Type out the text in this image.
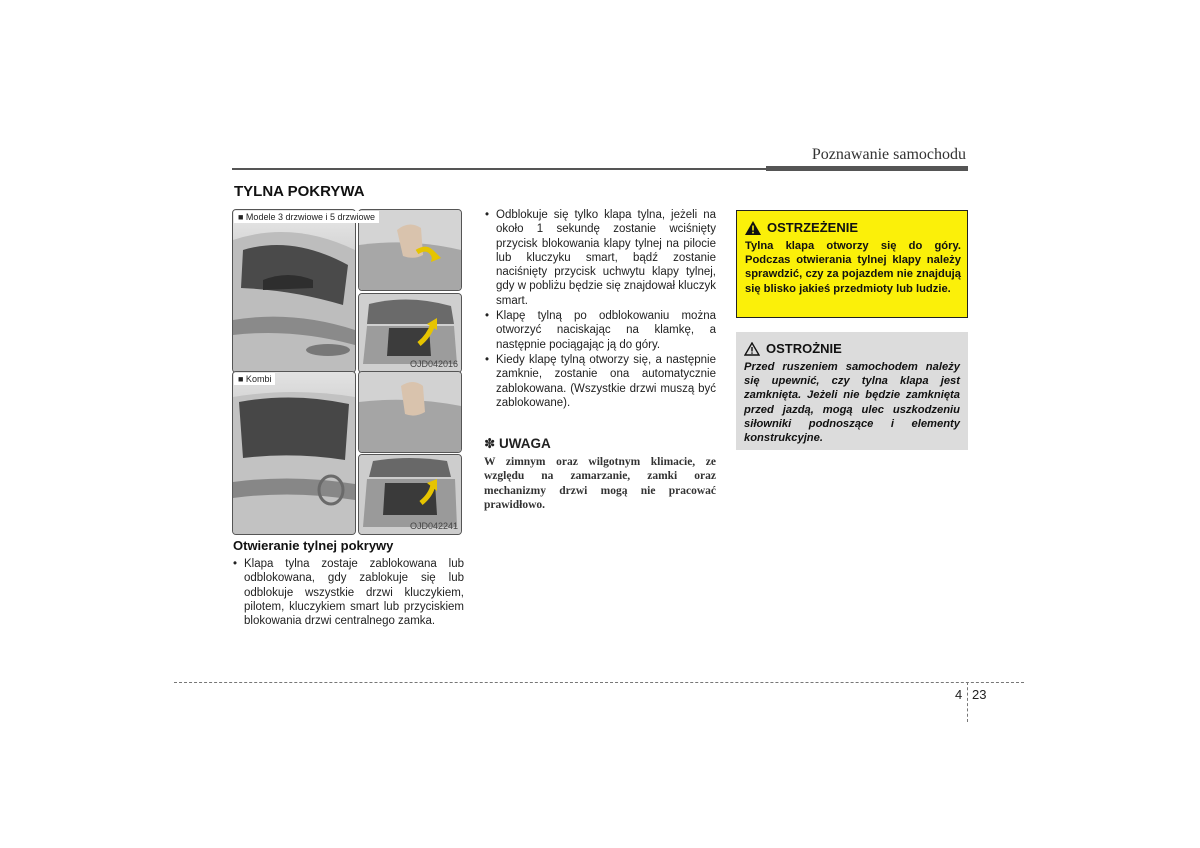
Poznawanie samochodu
TYLNA POKRYWA
■ Modele 3 drzwiowe i 5 drzwiowe
OJD042016
■ Kombi
OJD042241
Otwieranie tylnej pokrywy
• Klapa tylna zostaje zablokowana lub odblokowana, gdy zablokuje się lub odblokuje wszystkie drzwi kluczykiem, pilotem, kluczykiem smart lub przyciskiem blokowania drzwi centralnego zamka.
• Odblokuje się tylko klapa tylna, jeżeli na około 1 sekundę zostanie wciśnięty przycisk blokowania klapy tylnej na pilocie lub kluczyku smart, bądź zostanie naciśnięty przycisk uchwytu klapy tylnej, gdy w pobliżu będzie się znajdował kluczyk smart.
• Klapę tylną po odblokowaniu można otworzyć naciskając na klamkę, a następnie pociągając ją do góry.
• Kiedy klapę tylną otworzy się, a następnie zamknie, zostanie ona automatycznie zablokowana. (Wszystkie drzwi muszą być zablokowane).
✽ UWAGA
W zimnym oraz wilgotnym klimacie, ze względu na zamarzanie, zamki oraz mechanizmy drzwi mogą nie pracować prawidłowo.
OSTRZEŻENIE
Tylna klapa otworzy się do góry. Podczas otwierania tylnej klapy należy sprawdzić, czy za pojazdem nie znajdują się blisko jakieś przedmioty lub ludzie.
OSTROŻNIE
Przed ruszeniem samochodem należy się upewnić, czy tylna klapa jest zamknięta. Jeżeli nie będzie zamknięta przed jazdą, mogą ulec uszkodzeniu siłowniki podnoszące i elementy konstrukcyjne.
4 23
